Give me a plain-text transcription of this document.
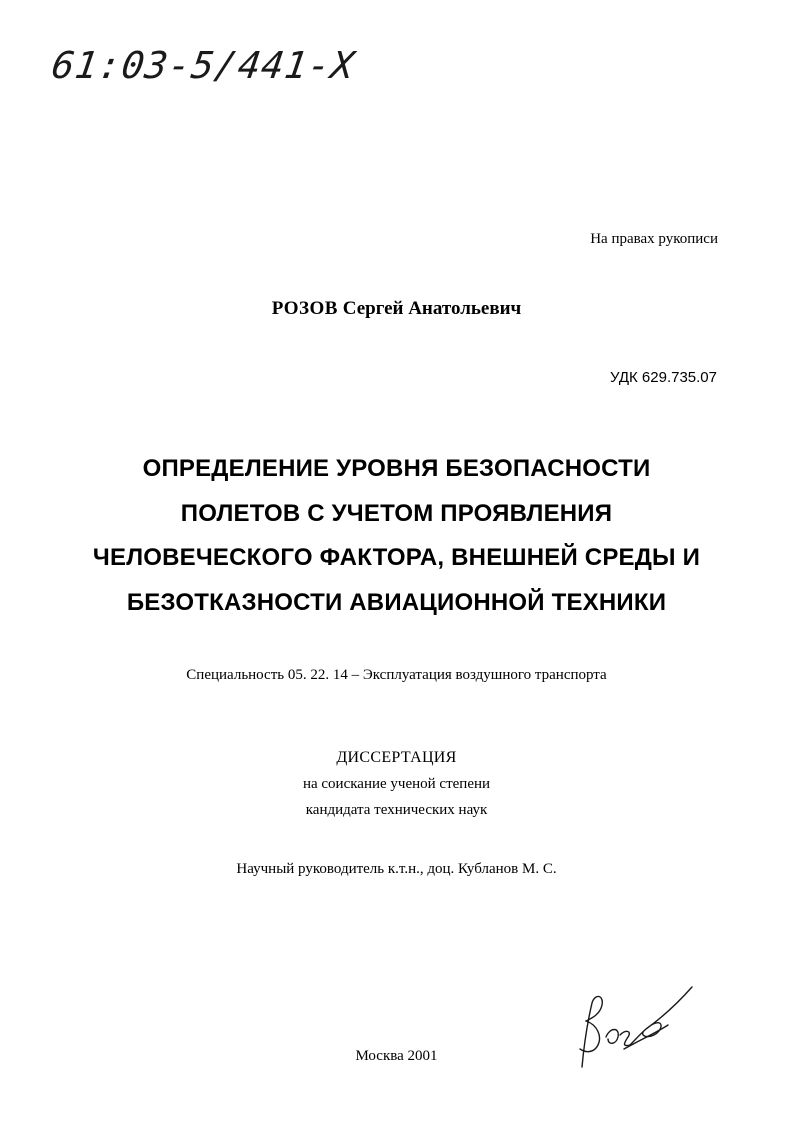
61:03-5/441-X
На правах рукописи
РОЗОВ Сергей Анатольевич
УДК 629.735.07
ОПРЕДЕЛЕНИЕ УРОВНЯ БЕЗОПАСНОСТИ
ПОЛЕТОВ С УЧЕТОМ ПРОЯВЛЕНИЯ
ЧЕЛОВЕЧЕСКОГО ФАКТОРА, ВНЕШНЕЙ СРЕДЫ И
БЕЗОТКАЗНОСТИ АВИАЦИОННОЙ ТЕХНИКИ
Специальность 05. 22. 14 – Эксплуатация воздушного транспорта
ДИССЕРТАЦИЯ
на соискание ученой степени
кандидата технических наук
Научный руководитель к.т.н., доц. Кубланов М. С.
Москва 2001
